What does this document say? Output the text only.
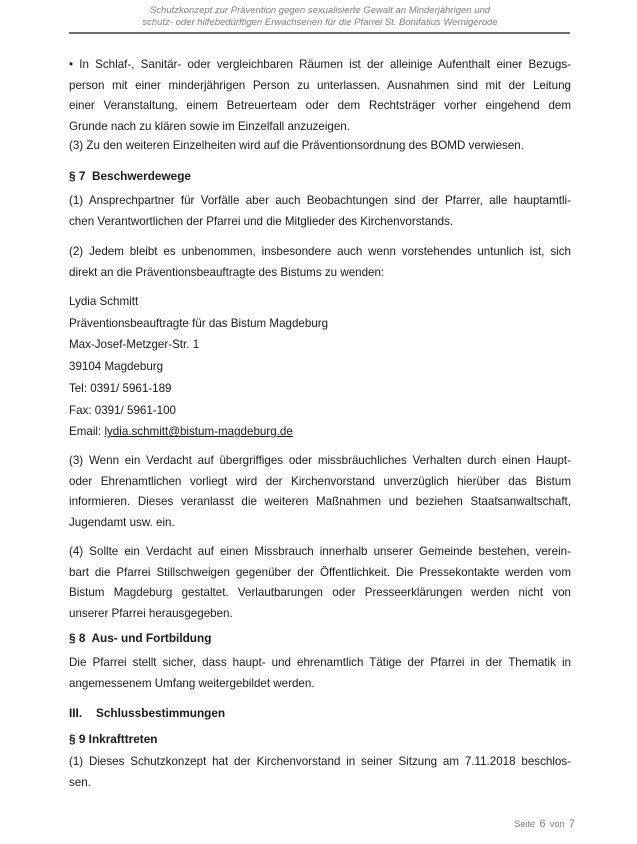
Schutzkonzept zur Prävention gegen sexualisierte Gewalt an Minderjährigen und
schutz- oder hilfebedürftigen Erwachsenen für die Pfarrei St. Bonifatius Wernigerode
• In Schlaf-, Sanitär- oder vergleichbaren Räumen ist der alleinige Aufenthalt einer Bezugs-
person mit einer minderjährigen Person zu unterlassen. Ausnahmen sind mit der Leitung
einer Veranstaltung, einem Betreuerteam oder dem Rechtsträger vorher eingehend dem
Grunde nach zu klären sowie im Einzelfall anzuzeigen.
(3) Zu den weiteren Einzelheiten wird auf die Präventionsordnung des BOMD verwiesen.
§ 7  Beschwerdewege
(1) Ansprechpartner für Vorfälle aber auch Beobachtungen sind der Pfarrer, alle hauptamtli-
chen Verantwortlichen der Pfarrei und die Mitglieder des Kirchenvorstands.
(2) Jedem bleibt es unbenommen, insbesondere auch wenn vorstehendes untunlich ist, sich
direkt an die Präventionsbeauftragte des Bistums zu wenden:
Lydia Schmitt
Präventionsbeauftragte für das Bistum Magdeburg
Max-Josef-Metzger-Str. 1
39104 Magdeburg
Tel: 0391/ 5961-189
Fax: 0391/ 5961-100
Email: lydia.schmitt@bistum-magdeburg.de
(3) Wenn ein Verdacht auf übergriffiges oder missbräuchliches Verhalten durch einen Haupt-
oder Ehrenamtlichen vorliegt wird der Kirchenvorstand unverzüglich hierüber das Bistum
informieren. Dieses veranlasst die weiteren Maßnahmen und beziehen Staatsanwaltschaft,
Jugendamt usw. ein.
(4) Sollte ein Verdacht auf einen Missbrauch innerhalb unserer Gemeinde bestehen, verein-
bart die Pfarrei Stillschweigen gegenüber der Öffentlichkeit. Die Pressekontakte werden vom
Bistum Magdeburg gestaltet. Verlautbarungen oder Presseerklärungen werden nicht von
unserer Pfarrei herausgegeben.
§ 8  Aus- und Fortbildung
Die Pfarrei stellt sicher, dass haupt- und ehrenamtlich Tätige der Pfarrei in der Thematik in
angemessenem Umfang weitergebildet werden.
III. Schlussbestimmungen
§ 9 Inkrafttreten
(1) Dieses Schutzkonzept hat der Kirchenvorstand in seiner Sitzung am 7.11.2018 beschlos-
sen.
Seite 6 von 7
